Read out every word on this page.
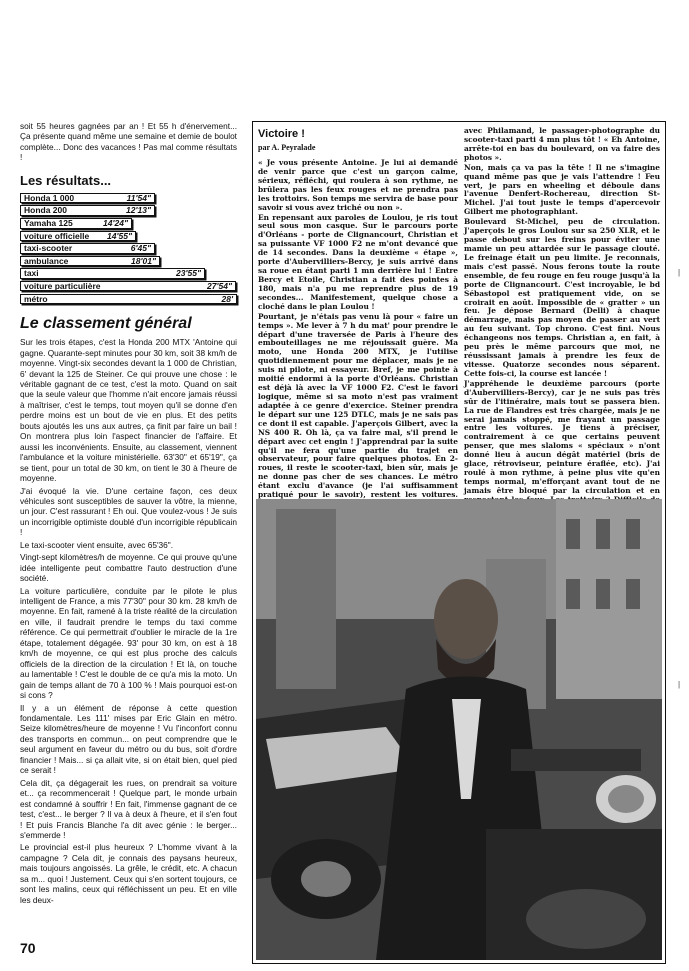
soit 55 heures gagnées par an ! Et 55 h d'énervement... Ça présente quand même une semaine et demie de boulot complète... Donc des vacances ! Pas mal comme résultats !

Les résultats...
Honda 1 000	11'54"
Honda 200	12'13"
Yamaha 125	14'24"
voiture officielle 14'55"
taxi-scooter	6'45"
ambulance	18'01"
taxi	23'55"
voiture particulière	27'54"
métro	28'
Le classement général

Sur les trois étapes, c'est la Honda 200 MTX 'Antoine qui gagne. Quarante-sept minutes pour 30 km, soit 38 km/h de moyenne. Vingt-six secondes devant la 1 000 de Christian, 6' devant la 125 de Steiner. Ce qui prouve une chose : le véritable gagnant de ce test, c'est la moto. Quand on sait que la seule valeur que l'homme n'ait encore jamais réussi à maîtriser, c'est le temps, tout moyen qu'il se donne d'en perdre moins est un bout de vie en plus. Et des petits bouts ajoutés les uns aux autres, ça finit par faire un bail ! On montrera plus loin l'aspect financier de l'affaire. Et aussi les inconvénients. Ensuite, au classement, viennent l'ambulance et la voiture ministérielle. 63'30" et 65'19", ça se tient, pour un total de 30 km, on tient le 30 à l'heure de moyenne.

J'ai évoqué la vie. D'une certaine façon, ces deux véhicules sont susceptibles de sauver la vôtre, la mienne, un jour. C'est rassurant ! Eh oui. Que voulez-vous ! Je suis un incorrigible optimiste doublé d'un incorrigible républicain !

Le taxi-scooter vient ensuite, avec 65'36".

Vingt-sept kilomètres/h de moyenne. Ce qui prouve qu'une idée intelligente peut combattre l'auto destruction d'une société.

La voiture particulière, conduite par le pilote le plus intelligent de France, a mis 77'30" pour 30 km. 28 km/h de moyenne. En fait, ramené à la triste réalité de la circulation en ville, il faudrait prendre le temps du taxi comme référence. Ce qui permettrait d'oublier le miracle de la 1re étape, totalement dégagée. 93' pour 30 km, on est à 18 km/h de moyenne, ce qui est plus proche des calculs officiels de la direction de la circulation ! Et là, on touche au lamentable ! C'est le double de ce qu'a mis la moto. Un gain de temps allant de 70 à 100 % ! Mais pourquoi est-on si cons ?

Il y a un élément de réponse à cette question fondamentale. Les 111' mises par Eric Glain en métro. Seize kilomètres/heure de moyenne ! Vu l'inconfort connu des transports en commun... on peut comprendre que le seul argument en faveur du métro ou du bus, soit d'ordre financier ! Mais... si ça allait vite, si on était bien, quel pied ce serait !

Cela dit, ça dégagerait les rues, on prendrait sa voiture et... ça recommencerait ! Quelque part, le monde urbain est condamné à souffrir ! En fait, l'immense gagnant de ce test, c'est... le berger ? Il va à deux à l'heure, et il s'en fout ! Et puis Francis Blanche l'a dit avec génie : le berger... s'emmerde !

Le provincial est-il plus heureux ? L'homme vivant à la campagne ? Cela dit, je connais des paysans heureux, mais toujours angoissés. La grêle, le crédit, etc. A chacun sa m... quoi ! Justement. Ceux qui s'en sortent toujours, ce sont les malins, ceux qui réfléchissent un peu. Et en ville les deux-

70
Victoire !
par A. Peyralade

« Je vous présente Antoine. Je lui ai demandé de venir parce que c'est un garçon calme, sérieux, réfléchi, qui roulera à son rythme, ne brûlera pas les feux rouges et ne prendra pas les trottoirs. Son temps me servira de base pour savoir si vous avez triché ou non ».

En repensant aux paroles de Loulou, je ris tout seul sous mon casque. Sur le parcours porte d'Orléans - porte de Clignancourt, Christian et sa puissante VF 1000 F2 ne m'ont devancé que de 14 secondes. Dans la deuxième « étape », porte d'Aubervilliers-Bercy, je suis arrivé dans sa roue en étant parti 1 mn derrière lui ! Entre Bercy et Etoile, Christian a fait des pointes à 180, mais n'a pu me reprendre plus de 19 secondes... Manifestement, quelque chose a cloché dans le plan Loulou !

Pourtant, je n'étais pas venu là pour « faire un temps ». Me lever à 7 h du mat' pour prendre le départ d'une traversée de Paris à l'heure des embouteillages ne me réjouissait guère. Ma moto, une Honda 200 MTX, je l'utilise quotidiennement pour me déplacer, mais je ne suis ni pilote, ni essayeur. Bref, je me pointe à moitié endormi à la porte d'Orléans. Christian est déjà là avec la VF 1000 F2. C'est le favori logique, même si sa moto n'est pas vraiment adaptée à ce genre d'exercice. Steiner prendra le départ sur une 125 DTLC, mais je ne sais pas ce dont il est capable. J'aperçois Gilbert, avec la NS 400 R. Oh là, ça va faire mal, s'il prend le départ avec cet engin ! J'apprendrai par la suite qu'il ne fera qu'une partie du trajet en observateur, pour faire quelques photos. En 2-roues, il reste le scooter-taxi, bien sûr, mais je ne donne pas cher de ses chances. Le métro étant exclu d'avance (je l'ai suffisamment pratiqué pour le savoir), restent les voitures.

avec Philamand, le passager-photographe du scooter-taxi parti 4 mn plus tôt ! « Eh Antoine, arrête-toi en bas du boulevard, on va faire des photos ».

Non, mais ça va pas la tête ! Il ne s'imagine quand même pas que je vais l'attendre ! Feu vert, je pars en wheeling et déboule dans l'avenue Denfert-Rochereau, direction St-Michel. J'ai tout juste le temps d'apercevoir Gilbert me photographiant.

Boulevard St-Michel, peu de circulation. J'aperçois le gros Loulou sur sa 250 XLR, et le passe debout sur les freins pour éviter une mamie un peu attardée sur le passage clouté. Le freinage était un peu limite. Je reconnais, mais c'est passé. Nous ferons toute la route ensemble, de feu rouge en feu rouge jusqu'à la porte de Clignancourt. C'est incroyable, le bd Sébastopol est pratiquement vide, on se croirait en août. Impossible de « gratter » un feu. Je dépose Bernard (Delli) à chaque démarrage, mais pas moyen de passer au vert au feu suivant. Top chrono. C'est fini. Nous échangeons nos temps. Christian a, en fait, à peu près le même parcours que moi, ne réussissant jamais à prendre les feux de vitesse. Quatorze secondes nous séparent. Cette fois-ci, la course est lancée !

J'appréhende le deuxième parcours (porte d'Aubervilliers-Bercy), car je ne suis pas très sûr de l'itinéraire, mais tout se passera bien. La rue de Flandres est très chargée, mais je ne serai jamais stoppé, me frayant un passage entre les voitures. Je tiens à préciser, contrairement à ce que certains peuvent penser, que mes slaloms « spéciaux » n'ont donné lieu à aucun dégât matériel (bris de glace, rétroviseur, peinture éraflée, etc). J'ai roulé à mon rythme, à peine plus vite qu'en temps normal, m'efforçant avant tout de ne jamais être bloqué par la circulation et en

|
|
